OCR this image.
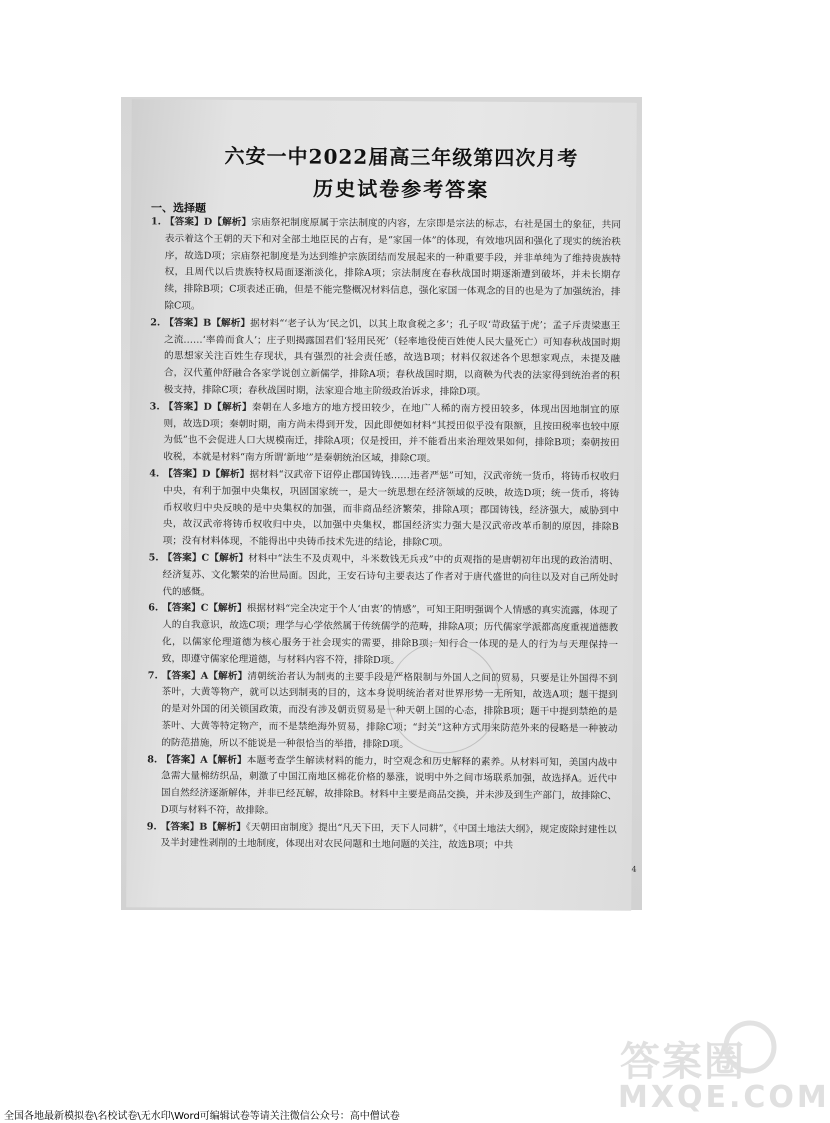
六安一中2022届高三年级第四次月考
历史试卷参考答案
一、选择题
1. 【答案】D【解析】宗庙祭祀制度原属于宗法制度的内容，左宗即是宗法的标志，右社是国土的象征，共同表示着这个王朝的天下和对全部土地臣民的占有，是“家国一体”的体现，有效地巩固和强化了现实的统治秩序，故选D项；宗庙祭祀制度是为达到维护宗族团结而发展起来的一种重要手段，并非单纯为了维持贵族特权，且周代以后贵族特权局面逐渐淡化，排除A项；宗法制度在春秋战国时期逐渐遭到破坏，并未长期存续，排除B项；C项表述正确，但是不能完整概况材料信息，强化家国一体观念的目的也是为了加强统治，排除C项。
2. 【答案】B【解析】据材料“‘老子认为‘民之饥，以其上取食税之多’；孔子叹‘苛政猛于虎’；孟子斥责梁惠王之流……‘率兽而食人’；庄子则揭露国君们‘轻用民死’（轻率地役使百姓使人民大量死亡）可知春秋战国时期的思想家关注百姓生存现状，具有强烈的社会责任感，故选B项；材料仅叙述各个思想家观点，未提及融合，汉代董仲舒融合各家学说创立新儒学，排除A项；春秋战国时期，以商鞅为代表的法家得到统治者的积极支持，排除C项；春秋战国时期，法家迎合地主阶级政治诉求，排除D项。
3. 【答案】D【解析】秦朝在人多地方的地方授田较少，在地广人稀的南方授田较多，体现出因地制宜的原则，故选D项；秦朝时期，南方尚未得到开发，因此即便如材料“其授田似乎没有限额，且按田税率也较中原为低”也不会促进人口大规模南迁，排除A项；仅是授田，并不能看出来治理效果如何，排除B项；秦朝按田收税，本就是材料“南方所谓‘新地’”是秦朝统治区域，排除C项。
4. 【答案】D【解析】据材料“汉武帝下诏停止郡国铸钱……违者严惩”可知，汉武帝统一货币，将铸币权收归中央，有利于加强中央集权，巩固国家统一，是大一统思想在经济领域的反映，故选D项；统一货币，将铸币权收归中央反映的是中央集权的加强，而非商品经济繁荣，排除A项；郡国铸钱，经济强大，威胁到中央，故汉武帝将铸币权收归中央，以加强中央集权，郡国经济实力强大是汉武帝改革币制的原因，排除B项；没有材料体现，不能得出中央铸币技术先进的结论，排除C项。
5. 【答案】C【解析】材料中“法生不及贞观中，斗米数钱无兵戎”中的贞观指的是唐朝初年出现的政治清明、经济复苏、文化繁荣的治世局面。因此，王安石诗句主要表达了作者对于唐代盛世的向往以及对自己所处时代的感慨。
6. 【答案】C【解析】根据材料“完全决定于个人‘由衷’的情感”，可知王阳明强调个人情感的真实流露，体现了人的自我意识，故选C项；理学与心学依然属于传统儒学的范畴，排除A项；历代儒家学派都高度重视道德教化，以儒家伦理道德为核心服务于社会现实的需要，排除B项；知行合一体现的是人的行为与天理保持一致，即遵守儒家伦理道德，与材料内容不符，排除D项。
7. 【答案】A【解析】清朝统治者认为制夷的主要手段是严格限制与外国人之间的贸易，只要是让外国得不到茶叶，大黄等物产，就可以达到制夷的目的，这本身说明统治者对世界形势一无所知，故选A项；题干提到的是对外国的闭关锁国政策，而没有涉及朝贡贸易是一种天朝上国的心态，排除B项；题干中提到禁绝的是茶叶、大黄等特定物产，而不是禁绝海外贸易，排除C项；“封关”这种方式用来防范外来的侵略是一种被动的防范措施，所以不能说是一种很恰当的举措，排除D项。
8. 【答案】A【解析】本题考查学生解读材料的能力，时空观念和历史解释的素养。从材料可知，美国内战中急需大量棉纺织品，刺激了中国江南地区棉花价格的暴涨，说明中外之间市场联系加强，故选择A。近代中国自然经济逐渐解体，并非已经瓦解，故排除B。材料中主要是商品交换，并未涉及到生产部门，故排除C、D项与材料不符，故排除。
9. 【答案】B【解析】《天朝田亩制度》提出“凡天下田，天下人同耕”，《中国土地法大纲》，规定废除封建性以及半封建性剥削的土地制度，体现出对农民问题和土地问题的关注，故选B项；中共
4
答案圈
MXQE.COM
全国各地最新模拟卷\名校试卷\无水印\Word可编辑试卷等请关注微信公众号：高中僧试卷
